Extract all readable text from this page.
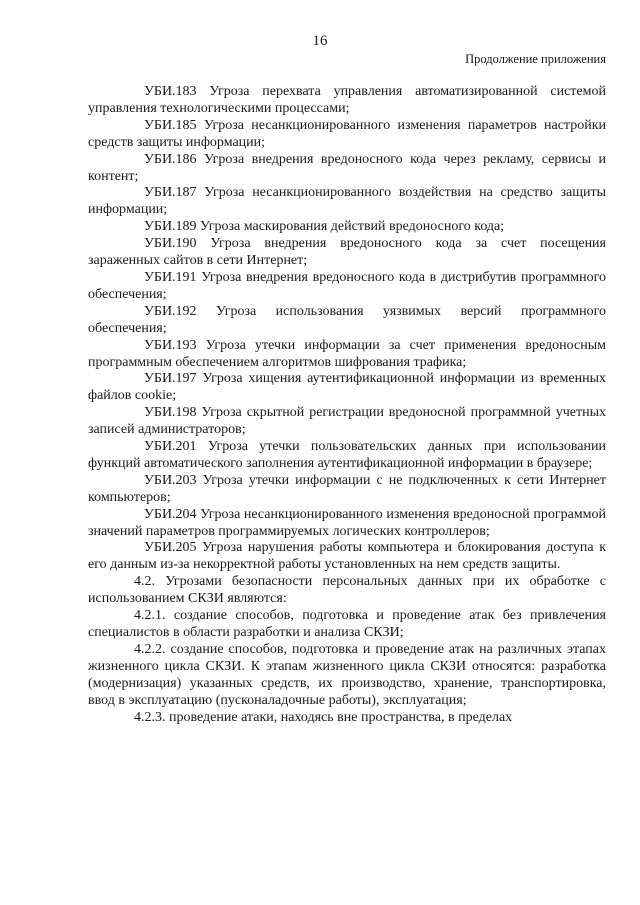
16
Продолжение приложения

УБИ.183 Угроза перехвата управления автоматизированной системой управления технологическими процессами;

УБИ.185 Угроза несанкционированного изменения параметров настройки средств защиты информации;

УБИ.186 Угроза внедрения вредоносного кода через рекламу, сервисы и контент;

УБИ.187 Угроза несанкционированного воздействия на средство защиты информации;

УБИ.189 Угроза маскирования действий вредоносного кода;

УБИ.190 Угроза внедрения вредоносного кода за счет посещения зараженных сайтов в сети Интернет;

УБИ.191 Угроза внедрения вредоносного кода в дистрибутив программного обеспечения;

УБИ.192 Угроза использования уязвимых версий программного обеспечения;

УБИ.193 Угроза утечки информации за счет применения вредоносным программным обеспечением алгоритмов шифрования трафика;

УБИ.197 Угроза хищения аутентификационной информации из временных файлов cookie;

УБИ.198 Угроза скрытной регистрации вредоносной программной учетных записей администраторов;

УБИ.201 Угроза утечки пользовательских данных при использовании функций автоматического заполнения аутентификационной информации в браузере;

УБИ.203 Угроза утечки информации с не подключенных к сети Интернет компьютеров;

УБИ.204 Угроза несанкционированного изменения вредоносной программой значений параметров программируемых логических контроллеров;

УБИ.205 Угроза нарушения работы компьютера и блокирования доступа к его данным из-за некорректной работы установленных на нем средств защиты.

4.2. Угрозами безопасности персональных данных при их обработке с использованием СКЗИ являются:

4.2.1. создание способов, подготовка и проведение атак без привлечения специалистов в области разработки и анализа СКЗИ;

4.2.2. создание способов, подготовка и проведение атак на различных этапах жизненного цикла СКЗИ. К этапам жизненного цикла СКЗИ относятся: разработка (модернизация) указанных средств, их производство, хранение, транспортировка, ввод в эксплуатацию (пусконаладочные работы), эксплуатация;

4.2.3. проведение атаки, находясь вне пространства, в пределах
